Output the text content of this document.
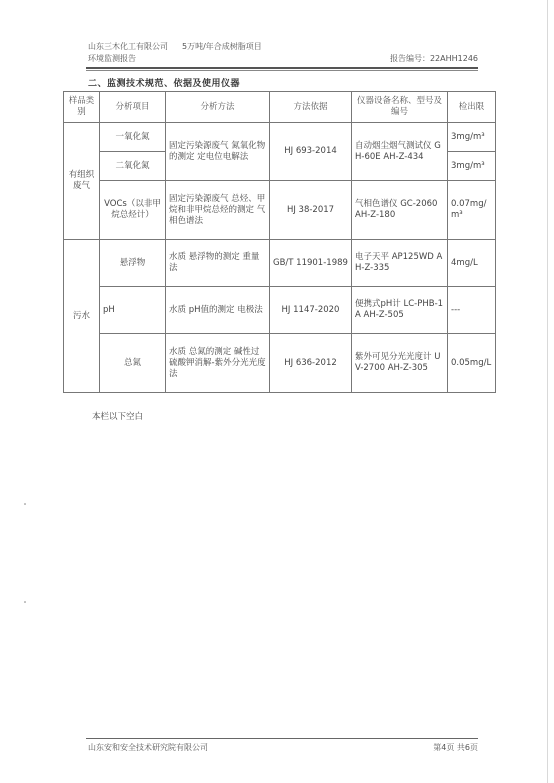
山东三木化工有限公司 5万吨/年合成树脂项目
环境监测报告	报告编号：22AHH1246
二、监测技术规范、依据及使用仪器
样品类别	分析项目	分析方法	方法依据	仪器设备名称、型号及编号	检出限
有组织废气	一氧化氮	固定污染源废气 氮氧化物的测定 定电位电解法	HJ 693-2014	自动烟尘烟气测试仪 GH-60E AH-Z-434	3mg/m³
	二氧化氮				3mg/m³
	VOCs（以非甲烷总烃计）	固定污染源废气 总烃、甲烷和非甲烷总烃的测定 气相色谱法	HJ 38-2017	气相色谱仪 GC-2060 AH-Z-180	0.07mg/m³
污水	悬浮物	水质 悬浮物的测定 重量法	GB/T 11901-1989	电子天平 AP125WD AH-Z-335	4mg/L
	pH	水质 pH值的测定 电极法	HJ 1147-2020	便携式pH计 LC-PHB-1A AH-Z-505	---
	总氮	水质 总氮的测定 碱性过硫酸钾消解-紫外分光光度法	HJ 636-2012	紫外可见分光光度计 UV-2700 AH-Z-305	0.05mg/L
本栏以下空白
山东安和安全技术研究院有限公司	第4页 共6页
